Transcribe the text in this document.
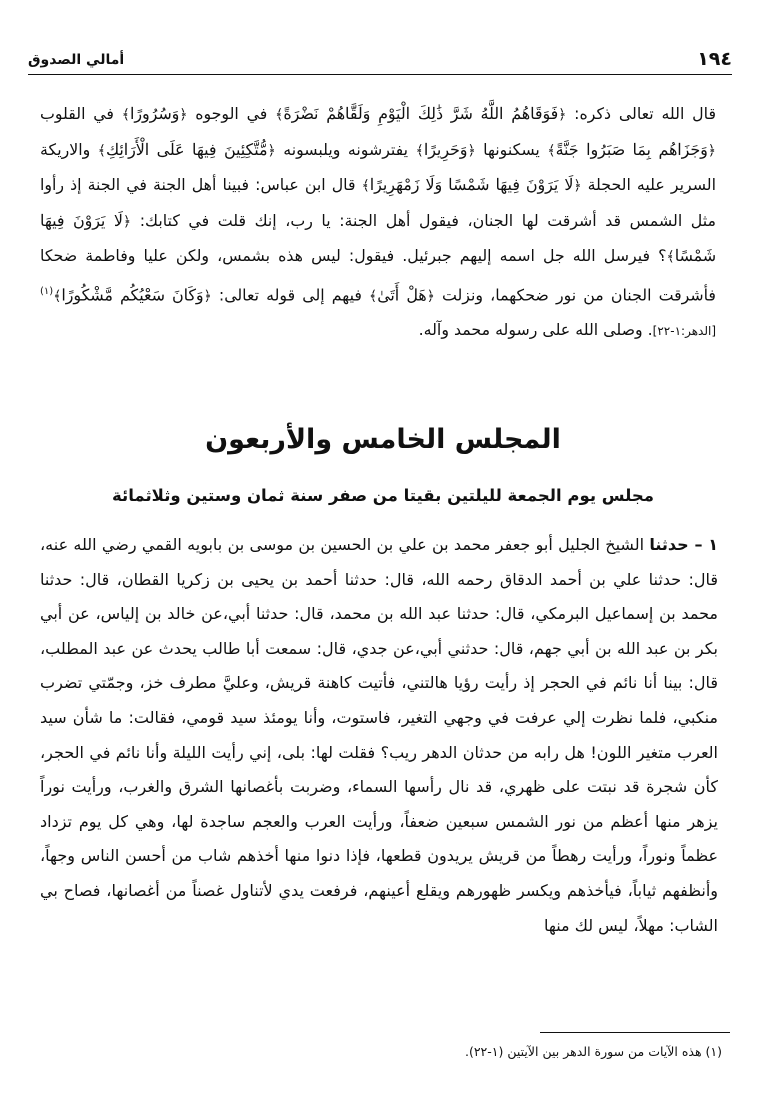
١٩٤
أمالي الصدوق

قال الله تعالى ذكره: ﴿فَوَقَاهُمُ اللَّهُ شَرَّ ذَٰلِكَ الْيَوْمِ وَلَقَّاهُمْ نَضْرَةً﴾ في الوجوه ﴿وَسُرُورًا﴾ في القلوب ﴿وَجَزَاهُم بِمَا صَبَرُوا جَنَّةً﴾ يسكنونها ﴿وَحَرِيرًا﴾ يفترشونه ويلبسونه ﴿مُّتَّكِئِينَ فِيهَا عَلَى الْأَرَائِكِ﴾ والاريكة السرير عليه الحجلة ﴿لَا يَرَوْنَ فِيهَا شَمْسًا وَلَا زَمْهَرِيرًا﴾ قال ابن عباس: فبينا أهل الجنة في الجنة إذ رأوا مثل الشمس قد أشرقت لها الجنان، فيقول أهل الجنة: يا رب، إنك قلت في كتابك: ﴿لَا يَرَوْنَ فِيهَا شَمْسًا﴾؟ فيرسل الله جل اسمه إليهم جبرئيل. فيقول: ليس هذه بشمس، ولكن عليا وفاطمة ضحكا فأشرقت الجنان من نور ضحكهما، ونزلت ﴿هَلْ أَتَىٰ﴾ فيهم إلى قوله تعالى: ﴿وَكَانَ سَعْيُكُم مَّشْكُورًا﴾$^{(١)}$ [الدهر:١-٢٢]. وصلى الله على رسوله محمد وآله.

المجلس الخامس والأربعون
مجلس يوم الجمعة لليلتين بقيتا من صفر سنة ثمان وستين وثلاثمائة

١ – حدثنا الشيخ الجليل أبو جعفر محمد بن علي بن الحسين بن موسى بن بابويه القمي رضي الله عنه، قال: حدثنا علي بن أحمد الدقاق رحمه الله، قال: حدثنا أحمد بن يحيى بن زكريا القطان، قال: حدثنا محمد بن إسماعيل البرمكي، قال: حدثنا عبد الله بن محمد، قال: حدثنا أبي،عن خالد بن إلياس، عن أبي بكر بن عبد الله بن أبي جهم، قال: حدثني أبي،عن جدي، قال: سمعت أبا طالب يحدث عن عبد المطلب، قال: بينا أنا نائم في الحجر إذ رأيت رؤيا هالتني، فأتيت كاهنة قريش، وعليَّ مطرف خز، وجمّتي تضرب منكبي، فلما نظرت إلي عرفت في وجهي التغير، فاستوت، وأنا يومئذ سيد قومي، فقالت: ما شأن سيد العرب متغير اللون! هل رابه من حدثان الدهر ريب؟ فقلت لها: بلى، إني رأيت الليلة وأنا نائم في الحجر، كأن شجرة قد نبتت على ظهري، قد نال رأسها السماء، وضربت بأغصانها الشرق والغرب، ورأيت نوراً يزهر منها أعظم من نور الشمس سبعين ضعفاً، ورأيت العرب والعجم ساجدة لها، وهي كل يوم تزداد عظماً ونوراً، ورأيت رهطاً من قريش يريدون قطعها، فإذا دنوا منها أخذهم شاب من أحسن الناس وجهاً، وأنظفهم ثياباً، فيأخذهم ويكسر ظهورهم ويقلع أعينهم، فرفعت يدي لأتناول غصناً من أغصانها، فصاح بي الشاب: مهلاً، ليس لك منها

(١) هذه الآيات من سورة الدهر بين الآيتين (١-٢٢).
